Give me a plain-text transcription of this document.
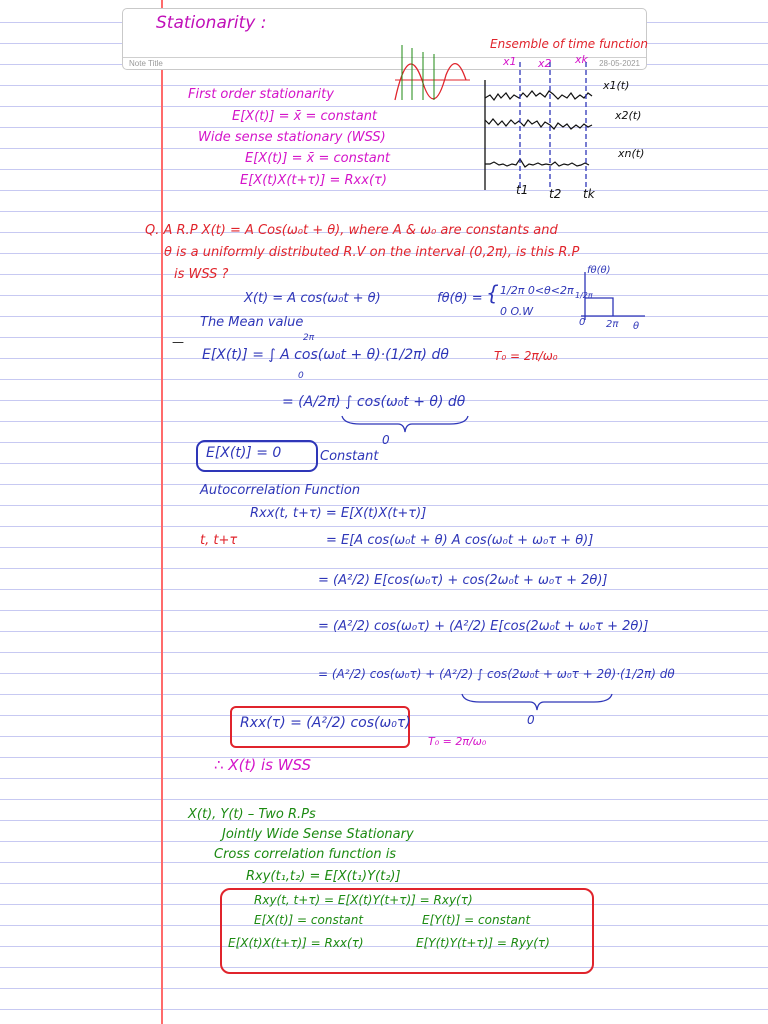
Stationarity :
Note Title	28-05-2021
First order stationarity
E[X(t)] = x̄ = constant
Wide sense stationary (WSS)
E[X(t)] = x̄ = constant
E[X(t)X(t+τ)] = Rxx(τ)
Ensemble of time function
x1 x2 xk
x1(t)
x2(t)
xn(t)
t1 t2 tk
Q. A R.P X(t) = A Cos(ω₀t + θ), where A & ω₀ are constants and
θ is a uniformly distributed R.V on the interval (0,2π), is this R.P
is WSS ?
X(t) = A cos(ω₀t + θ)	fθ(θ) = { 1/2π 0<θ<2π
0 O.W
fθ(θ)
1/2π
0 2π θ
The Mean value
—	2π
E[X(t)] = ∫ A cos(ω₀t + θ)·(1/2π) dθ
0
T₀ = 2π/ω₀
= (A/2π) ∫ cos(ω₀t + θ) dθ
0
E[X(t)] = 0	Constant
Autocorrelation Function
Rxx(t, t+τ) = E[X(t)X(t+τ)]
t, t+τ	= E[A cos(ω₀t + θ) A cos(ω₀t + ω₀τ + θ)]
= (A²/2) E[cos(ω₀τ) + cos(2ω₀t + ω₀τ + 2θ)]
= (A²/2) cos(ω₀τ) + (A²/2) E[cos(2ω₀t + ω₀τ + 2θ)]
= (A²/2) cos(ω₀τ) + (A²/2) ∫ cos(2ω₀t + ω₀τ + 2θ)·(1/2π) dθ
0
Rxx(τ) = (A²/2) cos(ω₀τ)
T₀ = 2π/ω₀
∴ X(t) is WSS
X(t), Y(t) – Two R.Ps
Jointly Wide Sense Stationary
Cross correlation function is
Rxy(t₁,t₂) = E[X(t₁)Y(t₂)]
Rxy(t, t+τ) = E[X(t)Y(t+τ)] = Rxy(τ)
E[X(t)] = constant	E[Y(t)] = constant
E[X(t)X(t+τ)] = Rxx(τ)	E[Y(t)Y(t+τ)] = Ryy(τ)
